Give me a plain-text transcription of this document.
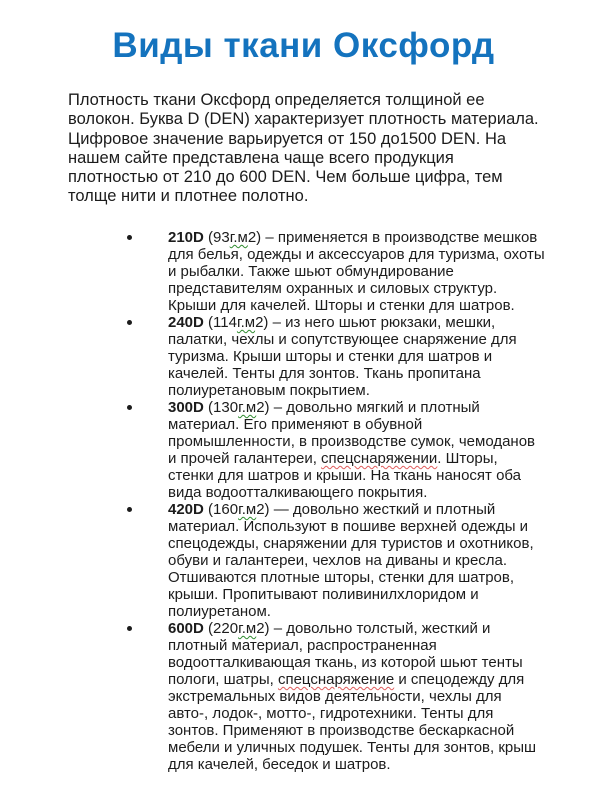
Виды ткани Оксфорд

Плотность ткани Оксфорд определяется толщиной ее волокон. Буква D (DEN) характеризует плотность материала. Цифровое значение варьируется от 150 до1500 DEN. На нашем сайте представлена чаще всего продукция плотностью от 210 до 600 DEN. Чем больше цифра, тем толще нити и плотнее полотно.

210D (93г.м2) – применяется в производстве мешков для белья, одежды и аксессуаров для туризма, охоты и рыбалки. Также шьют обмундирование представителям охранных и силовых структур. Крыши для качелей. Шторы и стенки для шатров.
240D (114г.м2) – из него шьют рюкзаки, мешки, палатки, чехлы и сопутствующее снаряжение для туризма. Крыши шторы и стенки для шатров и качелей. Тенты для зонтов. Ткань пропитана полиуретановым покрытием.
300D (130г.м2) – довольно мягкий и плотный материал. Его применяют в обувной промышленности, в производстве сумок, чемоданов и прочей галантереи, спецснаряжении. Шторы, стенки для шатров и крыши. На ткань наносят оба вида водоотталкивающего покрытия.
420D (160г.м2) — довольно жесткий и плотный материал. Используют в пошиве верхней одежды и спецодежды, снаряжении для туристов и охотников, обуви и галантереи, чехлов на диваны и кресла. Отшиваются плотные шторы, стенки для шатров, крыши. Пропитывают поливинилхлоридом и полиуретаном.
600D (220г.м2) – довольно толстый, жесткий и плотный материал, распространенная водоотталкивающая ткань, из которой шьют тенты пологи, шатры, спецснаряжение и спецодежду для экстремальных видов деятельности, чехлы для авто-, лодок-, мотто-, гидротехники. Тенты для зонтов. Применяют в производстве бескаркасной мебели и уличных подушек. Тенты для зонтов, крыш для качелей, беседок и шатров.
